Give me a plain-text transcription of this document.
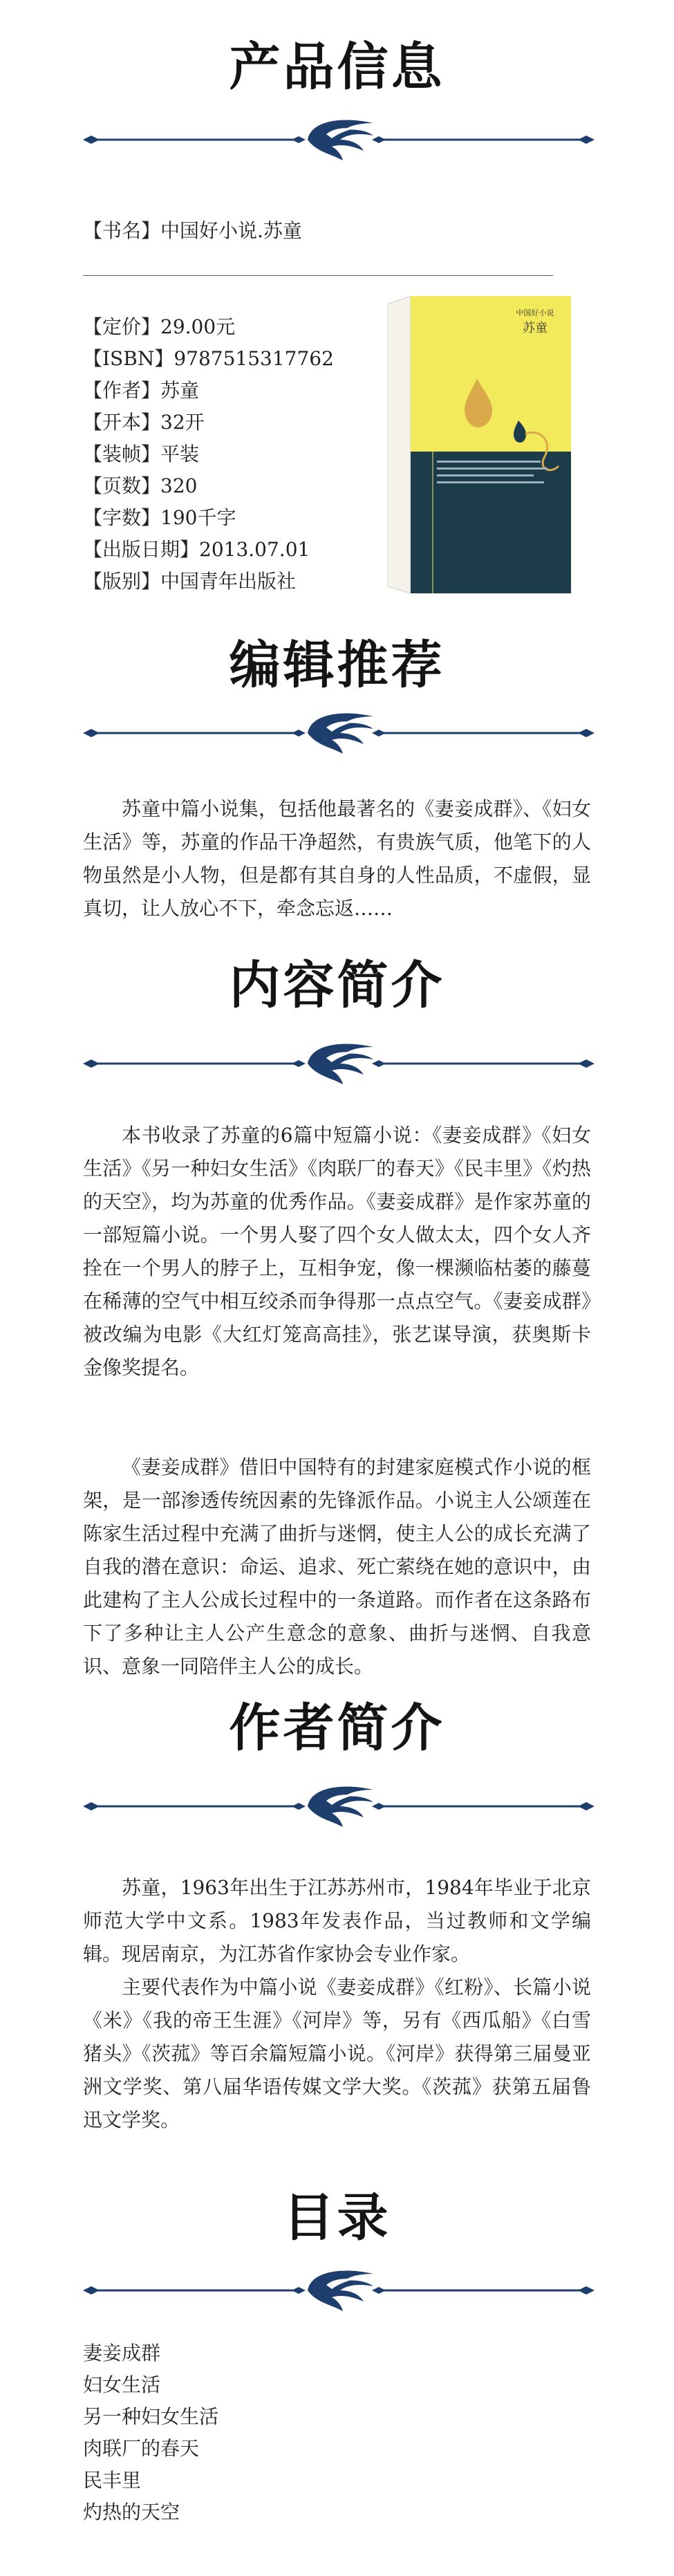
产品信息
【书名】中国好小说.苏童
【定价】29.00元
【ISBN】9787515317762
【作者】苏童
【开本】32开
【装帧】平装
【页数】320
【字数】190千字
【出版日期】2013.07.01
【版别】中国青年出版社
中国好小说
苏童
编辑推荐
苏童中篇小说集，包括他最著名的《妻妾成群》、《妇女生活》等，苏童的作品干净超然，有贵族气质，他笔下的人物虽然是小人物，但是都有其自身的人性品质，不虚假，显真切，让人放心不下，牵念忘返……
内容简介
本书收录了苏童的6篇中短篇小说：《妻妾成群》《妇女生活》《另一种妇女生活》《肉联厂的春天》《民丰里》《灼热的天空》，均为苏童的优秀作品。《妻妾成群》是作家苏童的一部短篇小说。一个男人娶了四个女人做太太，四个女人齐拴在一个男人的脖子上，互相争宠，像一棵濒临枯萎的藤蔓在稀薄的空气中相互绞杀而争得那一点点空气。《妻妾成群》被改编为电影《大红灯笼高高挂》，张艺谋导演，获奥斯卡金像奖提名。
《妻妾成群》借旧中国特有的封建家庭模式作小说的框架，是一部渗透传统因素的先锋派作品。小说主人公颂莲在陈家生活过程中充满了曲折与迷惘，使主人公的成长充满了自我的潜在意识：命运、追求、死亡萦绕在她的意识中，由此建构了主人公成长过程中的一条道路。而作者在这条路布下了多种让主人公产生意念的意象、曲折与迷惘、自我意识、意象一同陪伴主人公的成长。
作者简介
苏童，1963年出生于江苏苏州市，1984年毕业于北京师范大学中文系。1983年发表作品，当过教师和文学编辑。现居南京，为江苏省作家协会专业作家。
主要代表作为中篇小说《妻妾成群》《红粉》、长篇小说《米》《我的帝王生涯》《河岸》等，另有《西瓜船》《白雪猪头》《茨菰》等百余篇短篇小说。《河岸》获得第三届曼亚洲文学奖、第八届华语传媒文学大奖。《茨菰》获第五届鲁迅文学奖。
目录
妻妾成群
妇女生活
另一种妇女生活
肉联厂的春天
民丰里
灼热的天空
